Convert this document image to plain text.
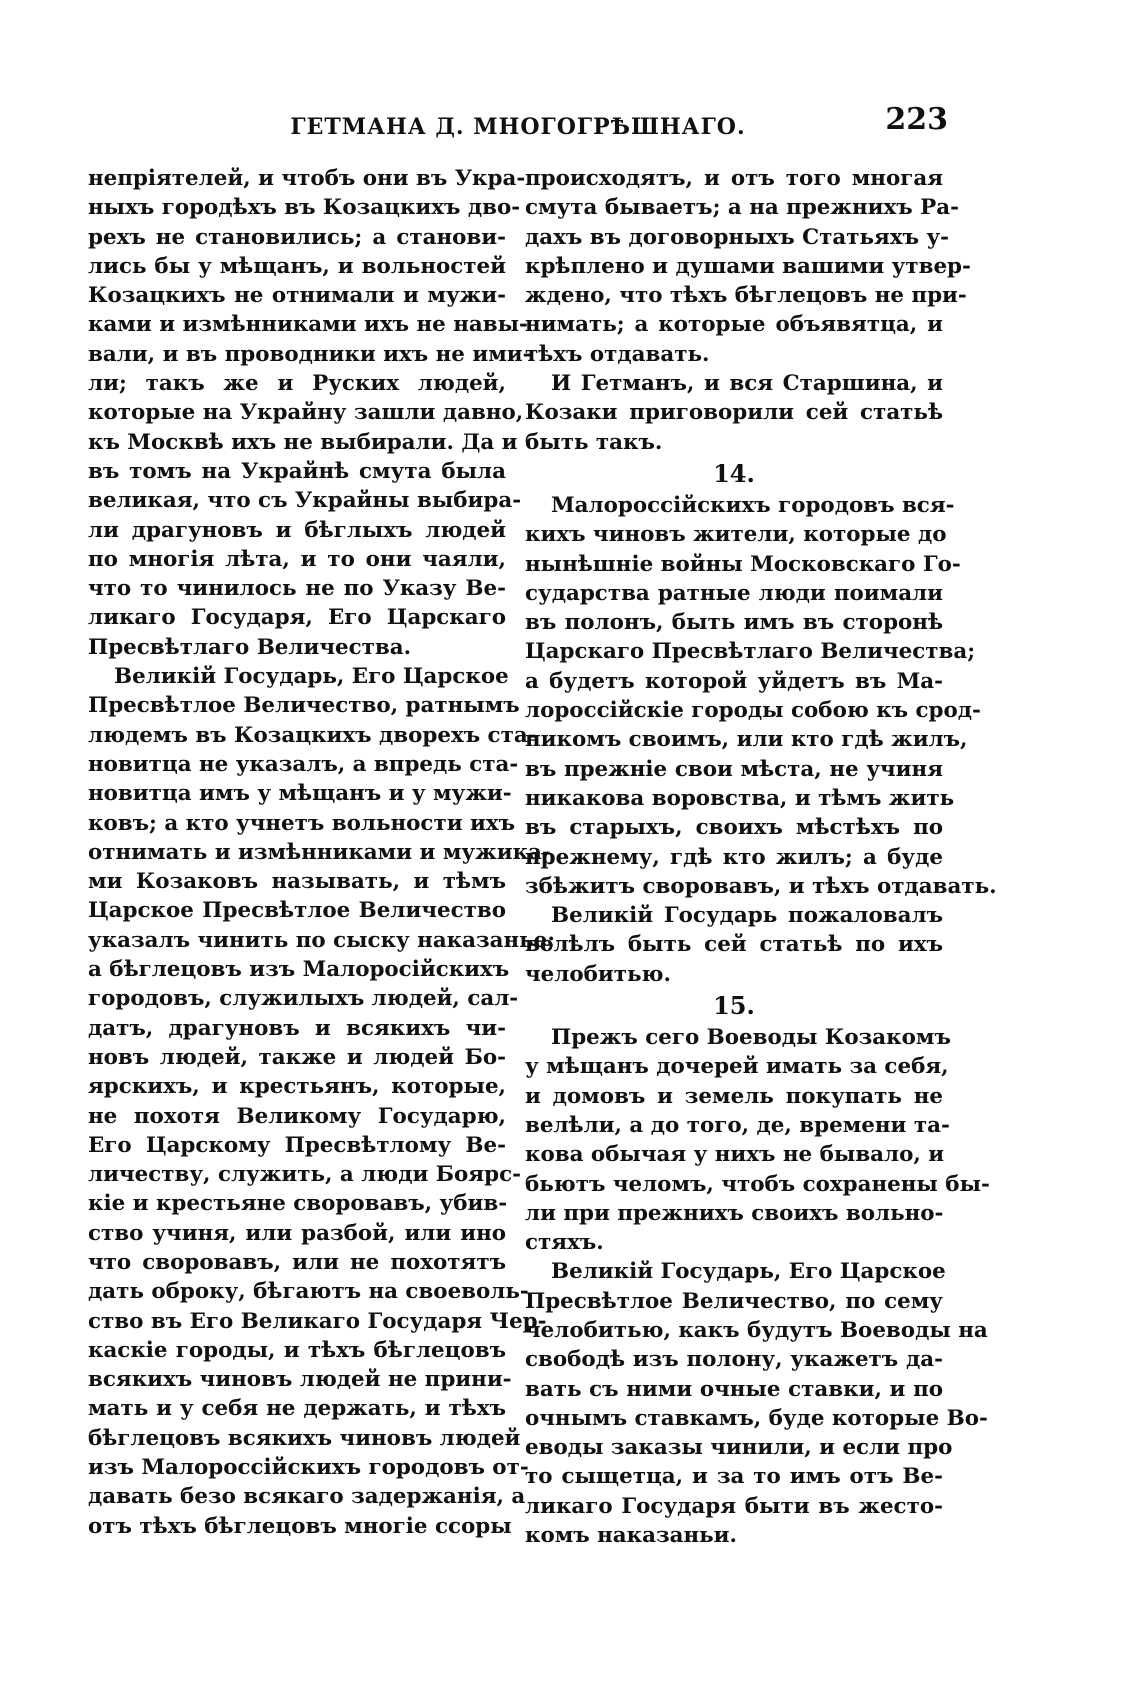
ГЕТМАНА Д. МНОГОГРѢШНАГО.	223
непріятелей, и чтобъ они въ Укра-
ныхъ городѣхъ въ Козацкихъ дво-
рехъ не становились; а станови-
лись бы у мѣщанъ, и вольностей
Козацкихъ не отнимали и мужи-
ками и измѣнниками ихъ не навы-
вали, и въ проводники ихъ не ими-
ли; такъ же и Руских людей,
которые на Украйну зашли давно,
къ Москвѣ ихъ не выбирали. Да и
въ томъ на Украйнѣ смута была
великая, что съ Украйны выбира-
ли драгуновъ и бѣглыхъ людей
по многія лѣта, и то они чаяли,
что то чинилось не по Указу Ве-
ликаго Государя, Его Царскаго
Пресвѣтлаго Величества.
Великій Государь, Его Царское
Пресвѣтлое Величество, ратнымъ
людемъ въ Козацкихъ дворехъ ста-
новитца не указалъ, а впредь ста-
новитца имъ у мѣщанъ и у мужи-
ковъ; а кто учнетъ вольности ихъ
отнимать и измѣнниками и мужика-
ми Козаковъ называть, и тѣмъ
Царское Пресвѣтлое Величество
указалъ чинить по сыску наказанье;
а бѣглецовъ изъ Малоросійскихъ
городовъ, служилыхъ людей, сал-
датъ, драгуновъ и всякихъ чи-
новъ людей, также и людей Бо-
ярскихъ, и крестьянъ, которые,
не похотя Великому Государю,
Его Царскому Пресвѣтлому Ве-
личеству, служить, а люди Боярс-
кіе и крестьяне своровавъ, убив-
ство учиня, или разбой, или ино
что своровавъ, или не похотятъ
дать оброку, бѣгаютъ на своеволь-
ство въ Его Великаго Государя Чер-
каскіе городы, и тѣхъ бѣглецовъ
всякихъ чиновъ людей не прини-
мать и у себя не держать, и тѣхъ
бѣглецовъ всякихъ чиновъ людей
изъ Малороссійскихъ городовъ от-
давать безо всякаго задержанія, а
отъ тѣхъ бѣглецовъ многіе ссоры
происходятъ, и отъ того многая
смута бываетъ; а на прежнихъ Ра-
дахъ въ договорныхъ Статьяхъ у-
крѣплено и душами вашими утвер-
ждено, что тѣхъ бѣглецовъ не при-
нимать; а которые объявятца, и
тѣхъ отдавать.
И Гетманъ, и вся Старшина, и
Козаки приговорили сей статьѣ
быть такъ.
14.
Малороссійскихъ городовъ вся-
кихъ чиновъ жители, которые до
нынѣшніе войны Московскаго Го-
сударства ратные люди поимали
въ полонъ, быть имъ въ сторонѣ
Царскаго Пресвѣтлаго Величества;
а будетъ которой уйдетъ въ Ма-
лороссійскіе городы собою къ срод-
никомъ своимъ, или кто гдѣ жилъ,
въ прежніе свои мѣста, не учиня
никакова воровства, и тѣмъ жить
въ старыхъ, своихъ мѣстѣхъ по
прежнему, гдѣ кто жилъ; а буде
збѣжитъ своровавъ, и тѣхъ отдавать.
Великій Государь пожаловалъ
велѣлъ быть сей статьѣ по ихъ
челобитью.
15.
Прежъ сего Воеводы Козакомъ
у мѣщанъ дочерей имать за себя,
и домовъ и земель покупать не
велѣли, а до того, де, времени та-
кова обычая у нихъ не бывало, и
бьютъ челомъ, чтобъ сохранены бы-
ли при прежнихъ своихъ вольно-
стяхъ.
Великій Государь, Его Царское
Пресвѣтлое Величество, по сему
челобитью, какъ будутъ Воеводы на
свободѣ изъ полону, укажетъ да-
вать съ ними очные ставки, и по
очнымъ ставкамъ, буде которые Во-
еводы заказы чинили, и если про
то сыщетца, и за то имъ отъ Ве-
ликаго Государя быти въ жесто-
комъ наказаньи.
